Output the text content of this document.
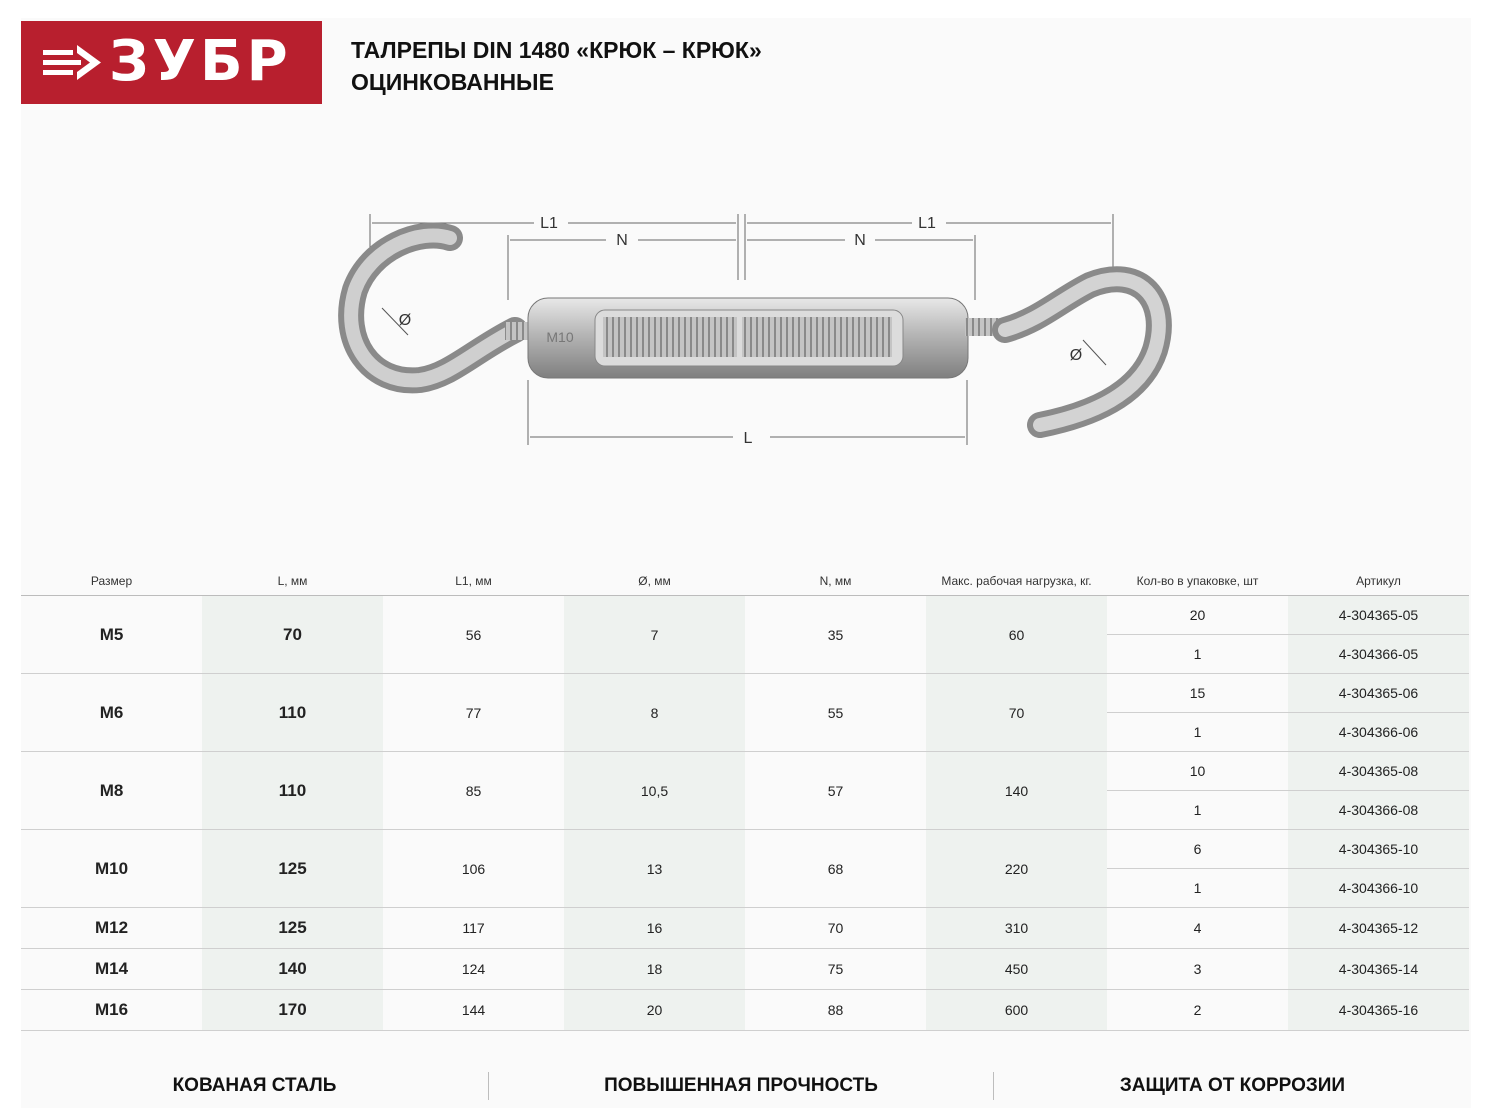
ЗУБР	ТАЛРЕПЫ DIN 1480 «КРЮК – КРЮК»
ОЦИНКОВАННЫЕ
L1	L1
N	N
L
Ø
M10
Ø
Размер	L, мм	L1, мм	Ø, мм	N, мм	Макс. рабочая нагрузка, кг.	Кол-во в упаковке, шт	Артикул
M5	70	56	7	35	60	20	4-304365-05
						1	4-304366-05
M6	110	77	8	55	70	15	4-304365-06
						1	4-304366-06
M8	110	85	10,5	57	140	10	4-304365-08
						1	4-304366-08
M10	125	106	13	68	220	6	4-304365-10
						1	4-304366-10
M12	125	117	16	70	310	4	4-304365-12
M14	140	124	18	75	450	3	4-304365-14
M16	170	144	20	88	600	2	4-304365-16
КОВАНАЯ СТАЛЬ	ПОВЫШЕННАЯ ПРОЧНОСТЬ	ЗАЩИТА ОТ КОРРОЗИИ
